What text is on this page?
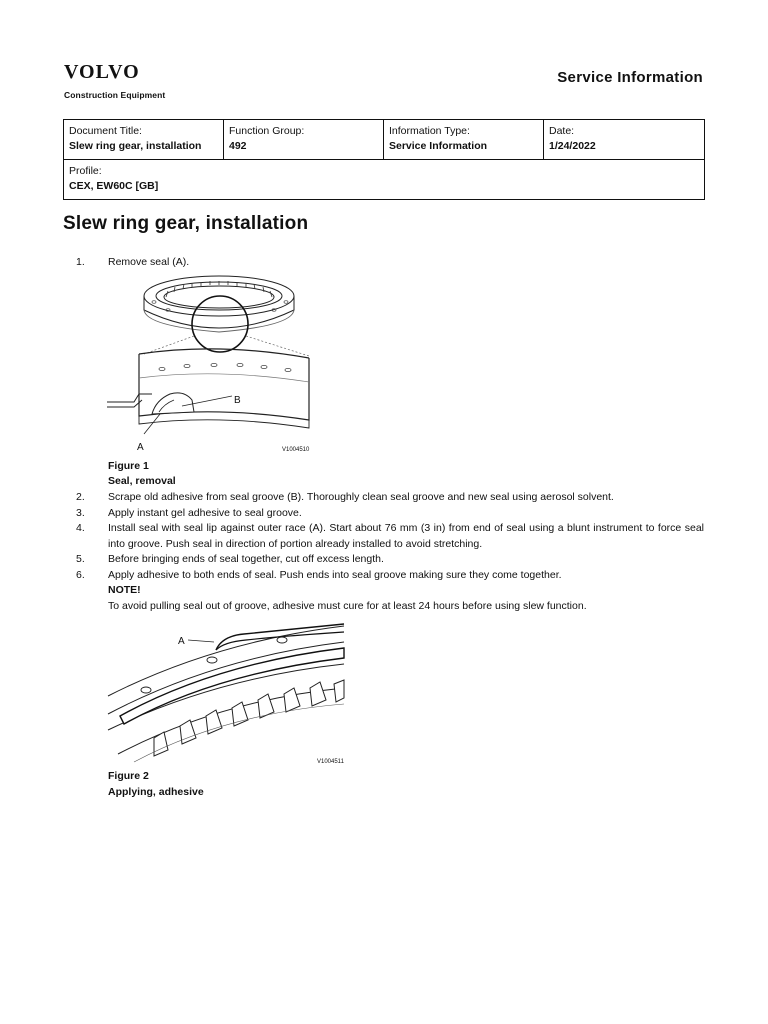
VOLVO
Construction Equipment
Service Information
Document Title:
Slew ring gear, installation

Function Group:
492

Information Type:
Service Information

Date:
1/24/2022

Profile:
CEX, EW60C [GB]
Slew ring gear, installation
1. Remove seal (A).
B
A	V1004510
Figure 1
Seal, removal
2. Scrape old adhesive from seal groove (B). Thoroughly clean seal groove and new seal using aerosol solvent.
3. Apply instant gel adhesive to seal groove.
4. Install seal with seal lip against outer race (A). Start about 76 mm (3 in) from end of seal using a blunt instrument to force seal into groove. Push seal in direction of portion already installed to avoid stretching.
5. Before bringing ends of seal together, cut off excess length.
6. Apply adhesive to both ends of seal. Push ends into seal groove making sure they come together.
NOTE!
To avoid pulling seal out of groove, adhesive must cure for at least 24 hours before using slew function.
A
V1004511
Figure 2
Applying, adhesive
